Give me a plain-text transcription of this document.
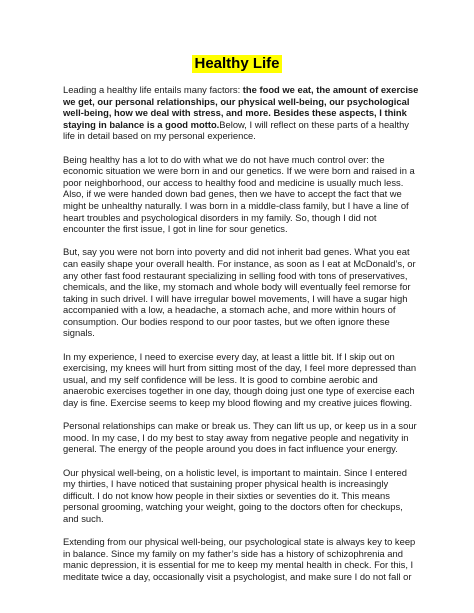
Healthy Life

Leading a healthy life entails many factors: the food we eat, the amount of exercise we get, our personal relationships, our physical well-being, our psychological well-being, how we deal with stress, and more. Besides these aspects, I think staying in balance is a good motto.Below, I will reflect on these parts of a healthy life in detail based on my personal experience.

Being healthy has a lot to do with what we do not have much control over: the economic situation we were born in and our genetics. If we were born and raised in a poor neighborhood, our access to healthy food and medicine is usually much less. Also, if we were handed down bad genes, then we have to accept the fact that we might be unhealthy naturally. I was born in a middle-class family, but I have a line of heart troubles and psychological disorders in my family. So, though I did not encounter the first issue, I got in line for sour genetics.

But, say you were not born into poverty and did not inherit bad genes. What you eat can easily shape your overall health. For instance, as soon as I eat at McDonald’s, or any other fast food restaurant specializing in selling food with tons of preservatives, chemicals, and the like, my stomach and whole body will eventually feel remorse for taking in such drivel. I will have irregular bowel movements, I will have a sugar high accompanied with a low, a headache, a stomach ache, and more within hours of consumption. Our bodies respond to our poor tastes, but we often ignore these signals.

In my experience, I need to exercise every day, at least a little bit. If I skip out on exercising, my knees will hurt from sitting most of the day, I feel more depressed than usual, and my self confidence will be less. It is good to combine aerobic and anaerobic exercises together in one day, though doing just one type of exercise each day is fine. Exercise seems to keep my blood flowing and my creative juices flowing.

Personal relationships can make or break us. They can lift us up, or keep us in a sour mood. In my case, I do my best to stay away from negative people and negativity in general. The energy of the people around you does in fact influence your energy.

Our physical well-being, on a holistic level, is important to maintain. Since I entered my thirties, I have noticed that sustaining proper physical health is increasingly difficult. I do not know how people in their sixties or seventies do it. This means personal grooming, watching your weight, going to the doctors often for checkups, and such.

Extending from our physical well-being, our psychological state is always key to keep in balance. Since my family on my father’s side has a history of schizophrenia and manic depression, it is essential for me to keep my mental health in check. For this, I meditate twice a day, occasionally visit a psychologist, and make sure I do not fall or
